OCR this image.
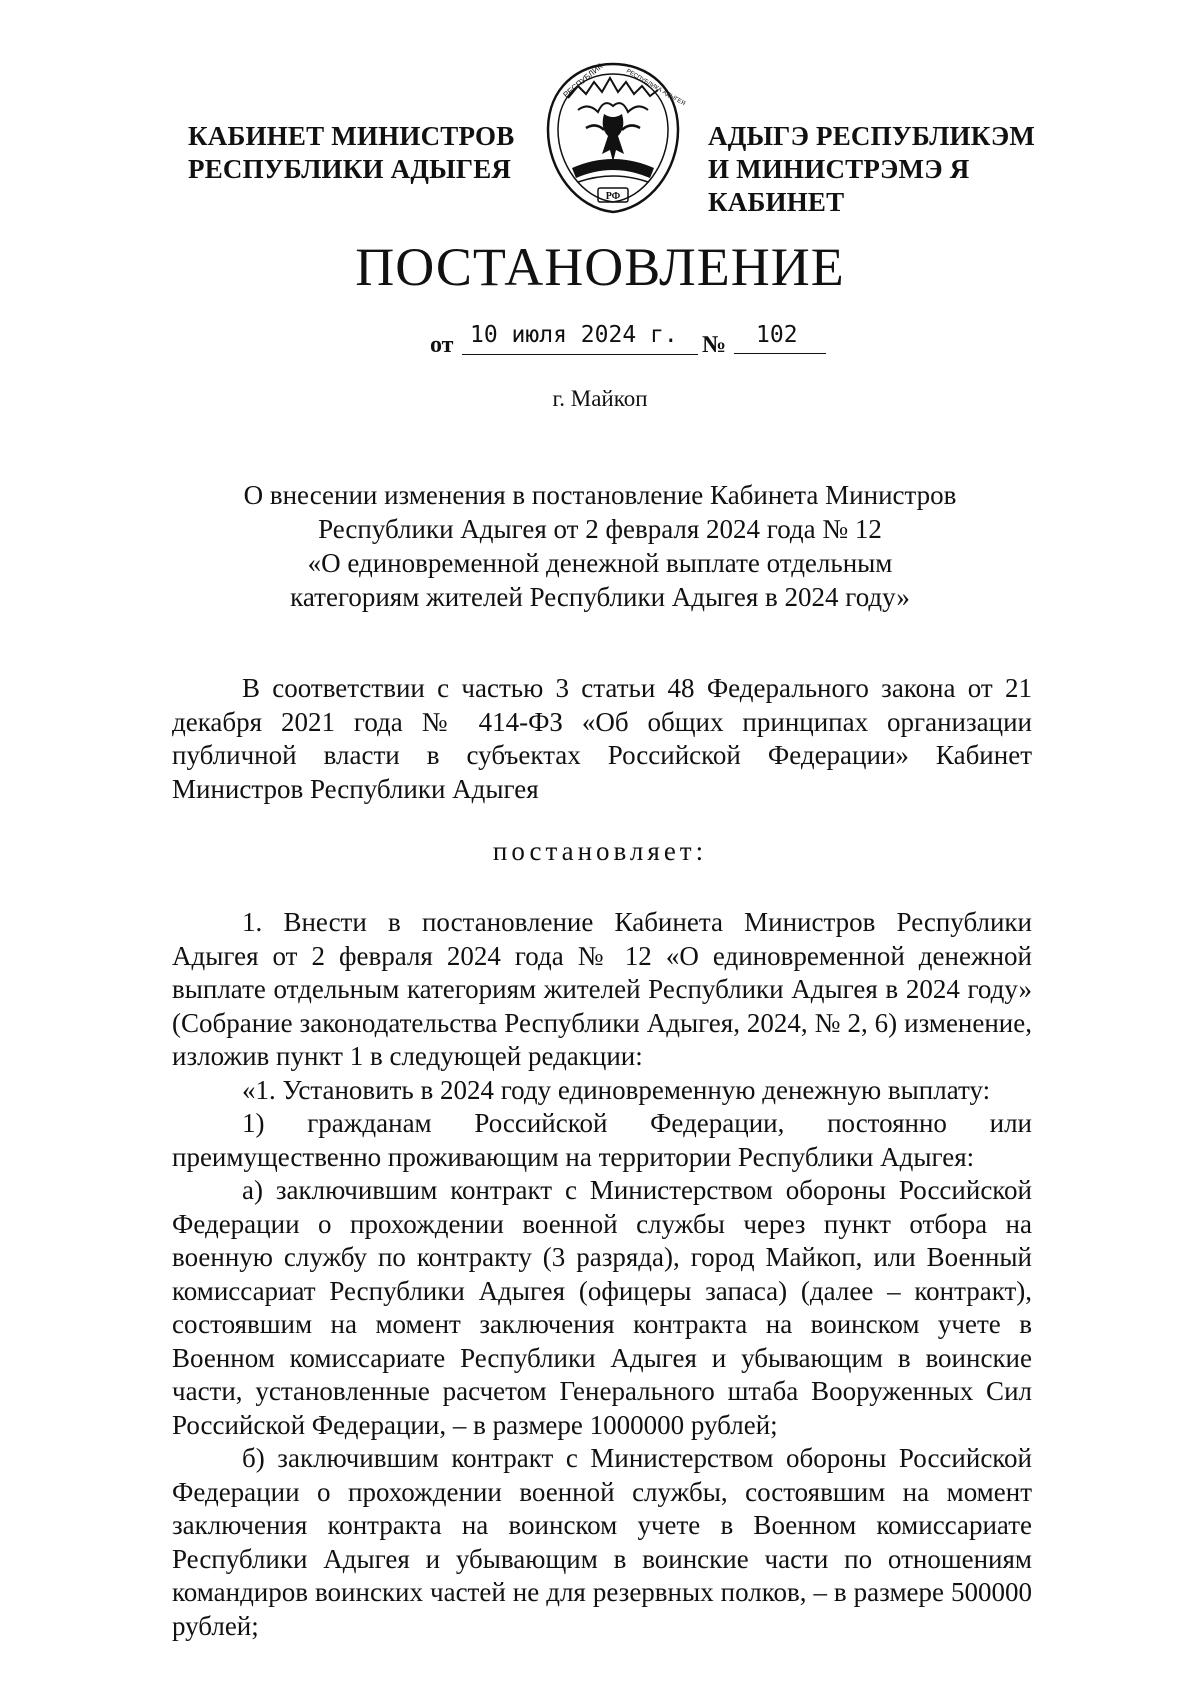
КАБИНЕТ МИНИСТРОВ
РЕСПУБЛИКИ АДЫГЕЯ
РФ
РЕСПУБЛИК	РЕСПУБЛИКА АДЫГЕЯ
АДЫГЭ РЕСПУБЛИКЭМ
И МИНИСТРЭМЭ Я КАБИНЕТ
ПОСТАНОВЛЕНИЕ
от 10 июля 2024 г.	№	102
г. Майкоп
О внесении изменения в постановление Кабинета Министров
Республики Адыгея от 2 февраля 2024 года № 12
«О единовременной денежной выплате отдельным
категориям жителей Республики Адыгея в 2024 году»

В соответствии с частью 3 статьи 48 Федерального закона от 21 декабря 2021 года № 414-ФЗ «Об общих принципах организации публичной власти в субъектах Российской Федерации» Кабинет Министров Республики Адыгея

постановляет:

1. Внести в постановление Кабинета Министров Республики Адыгея от 2 февраля 2024 года № 12 «О единовременной денежной выплате отдельным категориям жителей Республики Адыгея в 2024 году» (Собрание законодательства Республики Адыгея, 2024, № 2, 6) изменение, изложив пункт 1 в следующей редакции:

«1. Установить в 2024 году единовременную денежную выплату:

1) гражданам Российской Федерации, постоянно или преимущественно проживающим на территории Республики Адыгея:

а) заключившим контракт с Министерством обороны Российской Федерации о прохождении военной службы через пункт отбора на военную службу по контракту (3 разряда), город Майкоп, или Военный комиссариат Республики Адыгея (офицеры запаса) (далее – контракт), состоявшим на момент заключения контракта на воинском учете в Военном комиссариате Республики Адыгея и убывающим в воинские части, установленные расчетом Генерального штаба Вооруженных Сил Российской Федерации, – в размере 1000000 рублей;

б) заключившим контракт с Министерством обороны Российской Федерации о прохождении военной службы, состоявшим на момент заключения контракта на воинском учете в Военном комиссариате Республики Адыгея и убывающим в воинские части по отношениям командиров воинских частей не для резервных полков, – в размере 500000 рублей;
